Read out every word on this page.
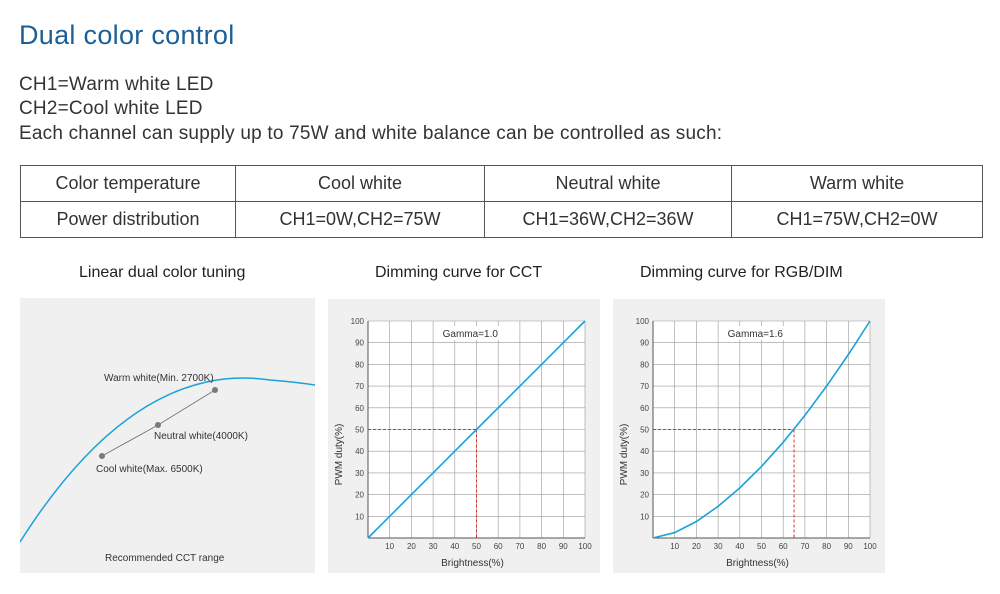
Dual color control
CH1=Warm white LED
CH2=Cool white LED
Each channel can supply up to 75W and white balance can be controlled as such:
Color temperature	Cool white	Neutral white	Warm white
Power distribution	CH1=0W,CH2=75W	CH1=36W,CH2=36W	CH1=75W,CH2=0W
Linear dual color tuning	Dimming curve for CCT	Dimming curve for RGB/DIM
Warm white(Min. 2700K)
Neutral white(4000K)
Cool white(Max. 6500K)
Recommended CCT range
10 20 30 40 50 60 70 80 90 100
10
20
30
40
50
60
70
80
90
100
Gamma=1.0
Brightness(%)
PWM duty(%)
10 20 30 40 50 60 70 80 90 100
10
20
30
40
50
60
70
80
90
100
Gamma=1.6
Brightness(%)
PWM duty(%)
